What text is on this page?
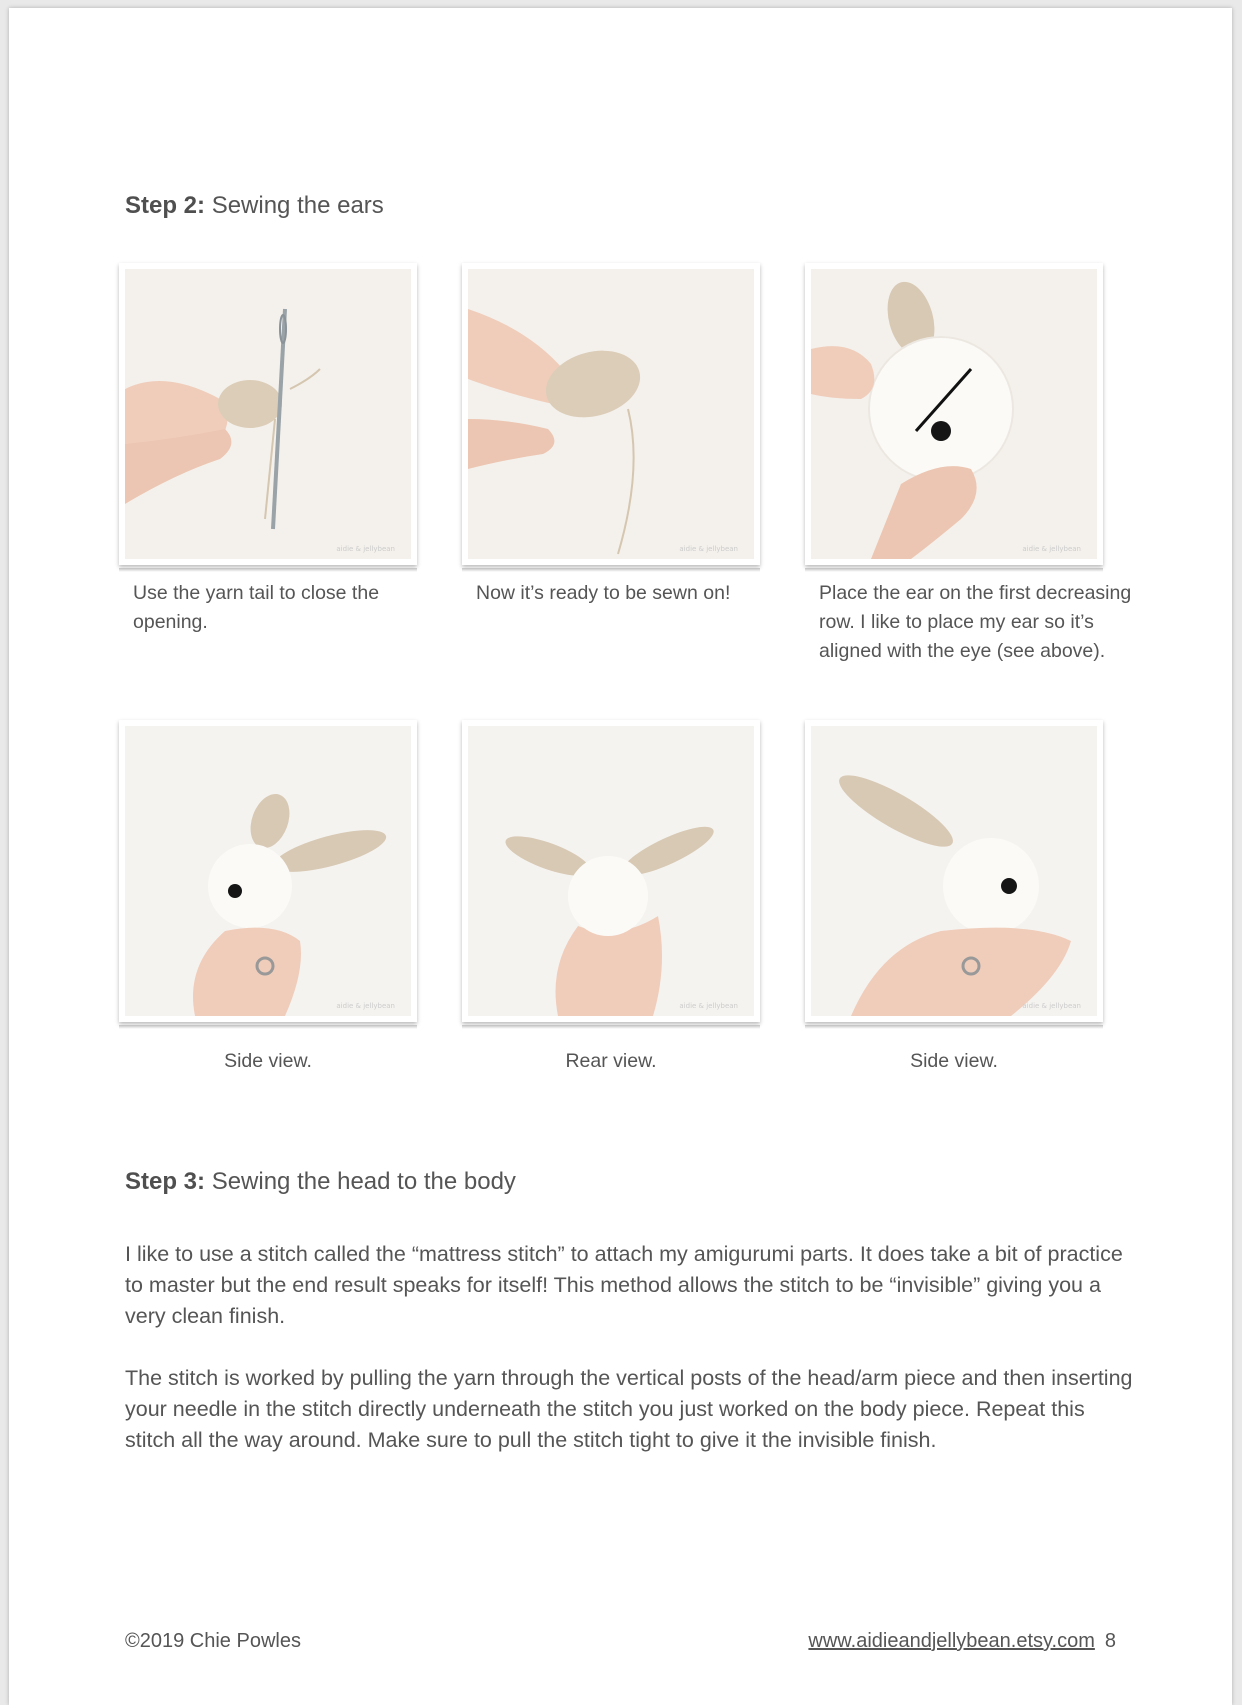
Step 2: Sewing the ears
aidie & jellybean	aidie & jellybean	aidie & jellybean
Use the yarn tail to close the opening.
Now it’s ready to be sewn on!	Place the ear on the first decreasing row. I like to place my ear so it’s aligned with the eye (see above).
aidie & jellybean	aidie & jellybean	aidie & jellybean
Side view.	Rear view.	Side view.
Step 3: Sewing the head to the body

I like to use a stitch called the “mattress stitch” to attach my amigurumi parts. It does take a bit of practice to master but the end result speaks for itself! This method allows the stitch to be “invisible” giving you a very clean finish.

The stitch is worked by pulling the yarn through the vertical posts of the head/arm piece and then inserting your needle in the stitch directly underneath the stitch you just worked on the body piece. Repeat this stitch all the way around. Make sure to pull the stitch tight to give it the invisible finish.

©2019 Chie Powles	www.aidieandjellybean.etsy.com 8
